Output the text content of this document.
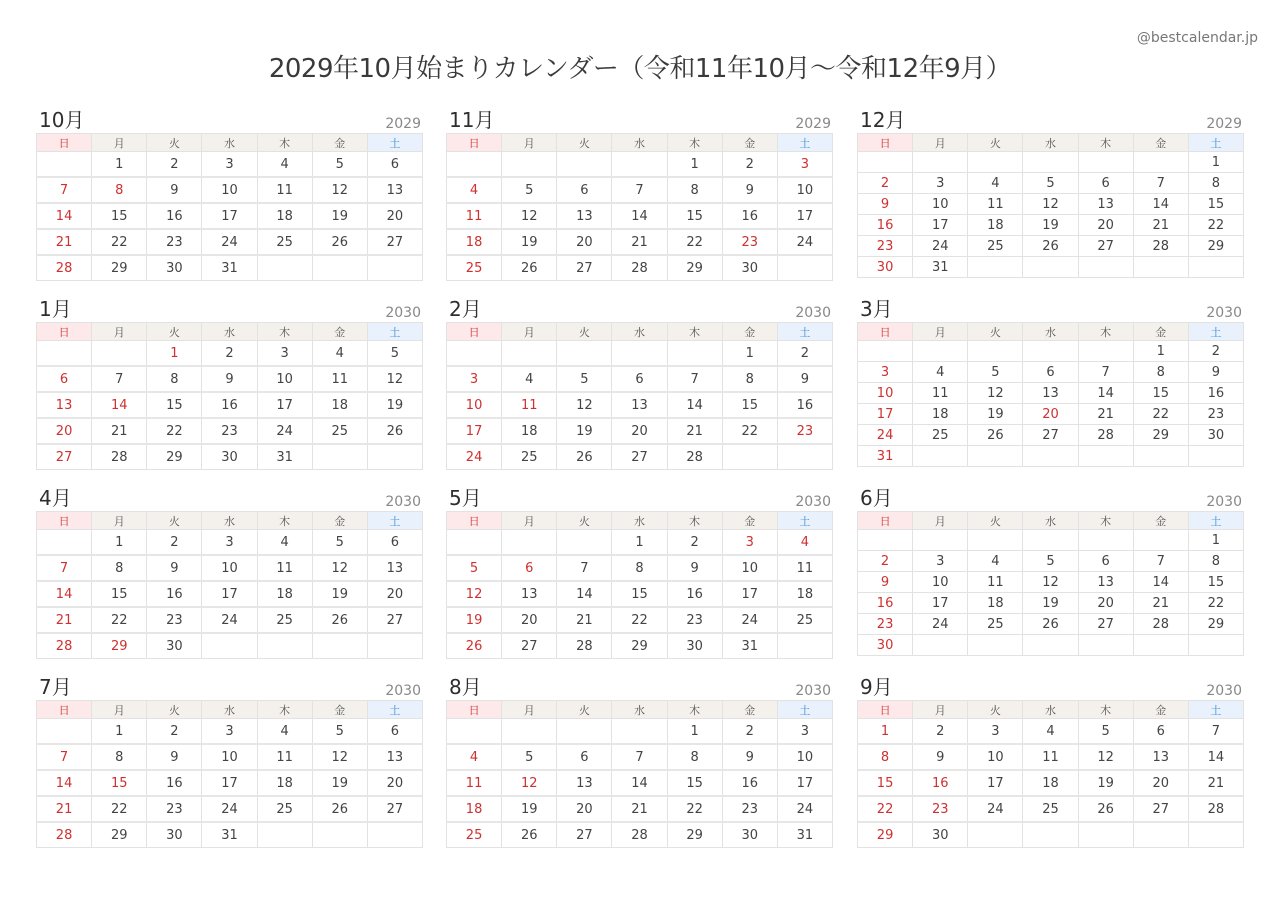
2029年10月始まりカレンダー（令和11年10月〜令和12年9月）
@bestcalendar.jp
10月	2029
日	月	火	水	木	金	土
	1	2	3	4	5	6
7	8	9	10	11	12	13
14	15	16	17	18	19	20
21	22	23	24	25	26	27
28	29	30	31			
11月	2029
日	月	火	水	木	金	土
				1	2	3
4	5	6	7	8	9	10
11	12	13	14	15	16	17
18	19	20	21	22	23	24
25	26	27	28	29	30	
12月	2029
日	月	火	水	木	金	土
						1
2	3	4	5	6	7	8
9	10	11	12	13	14	15
16	17	18	19	20	21	22
23	24	25	26	27	28	29
30	31					
1月	2030
日	月	火	水	木	金	土
		1	2	3	4	5
6	7	8	9	10	11	12
13	14	15	16	17	18	19
20	21	22	23	24	25	26
27	28	29	30	31		
2月	2030
日	月	火	水	木	金	土
					1	2
3	4	5	6	7	8	9
10	11	12	13	14	15	16
17	18	19	20	21	22	23
24	25	26	27	28		
3月	2030
日	月	火	水	木	金	土
					1	2
3	4	5	6	7	8	9
10	11	12	13	14	15	16
17	18	19	20	21	22	23
24	25	26	27	28	29	30
31						
4月	2030
日	月	火	水	木	金	土
	1	2	3	4	5	6
7	8	9	10	11	12	13
14	15	16	17	18	19	20
21	22	23	24	25	26	27
28	29	30				
5月	2030
日	月	火	水	木	金	土
			1	2	3	4
5	6	7	8	9	10	11
12	13	14	15	16	17	18
19	20	21	22	23	24	25
26	27	28	29	30	31	
6月	2030
日	月	火	水	木	金	土
						1
2	3	4	5	6	7	8
9	10	11	12	13	14	15
16	17	18	19	20	21	22
23	24	25	26	27	28	29
30						
7月	2030
日	月	火	水	木	金	土
	1	2	3	4	5	6
7	8	9	10	11	12	13
14	15	16	17	18	19	20
21	22	23	24	25	26	27
28	29	30	31			
8月	2030
日	月	火	水	木	金	土
				1	2	3
4	5	6	7	8	9	10
11	12	13	14	15	16	17
18	19	20	21	22	23	24
25	26	27	28	29	30	31
9月	2030
日	月	火	水	木	金	土
1	2	3	4	5	6	7
8	9	10	11	12	13	14
15	16	17	18	19	20	21
22	23	24	25	26	27	28
29	30					
